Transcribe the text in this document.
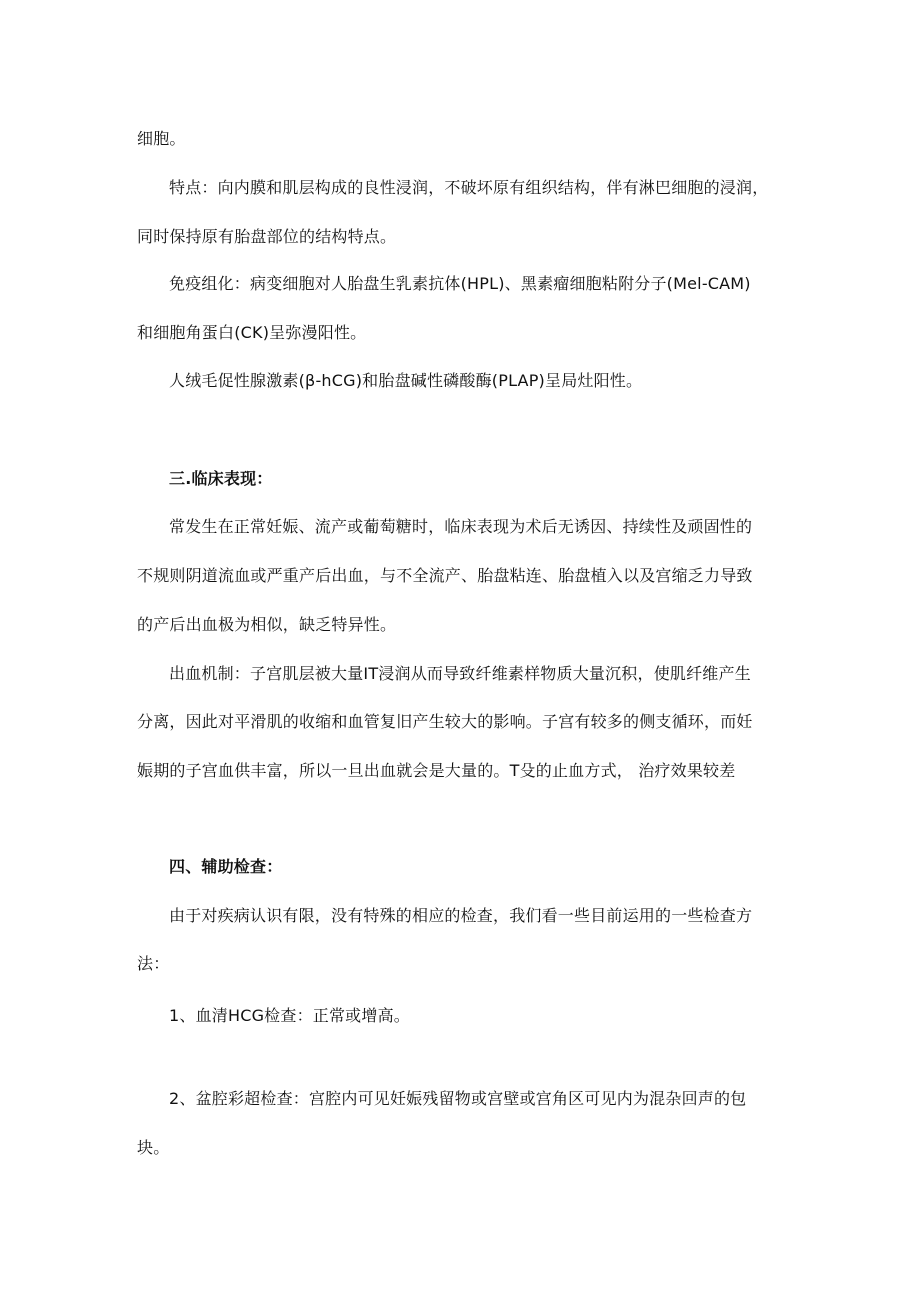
细胞。
特点：向内膜和肌层构成的良性浸润，不破坏原有组织结构，伴有淋巴细胞的浸润，
同时保持原有胎盘部位的结构特点。
免疫组化：病变细胞对人胎盘生乳素抗体(HPL)、黑素瘤细胞粘附分子(Mel-CAM)
和细胞角蛋白(CK)呈弥漫阳性。
人绒毛促性腺激素(β-hCG)和胎盘碱性磷酸酶(PLAP)呈局灶阳性。
三.临床表现：
常发生在正常妊娠、流产或葡萄糖时，临床表现为术后无诱因、持续性及顽固性的
不规则阴道流血或严重产后出血，与不全流产、胎盘粘连、胎盘植入以及宫缩乏力导致
的产后出血极为相似，缺乏特异性。
出血机制：子宫肌层被大量IT浸润从而导致纤维素样物质大量沉积，使肌纤维产生
分离，因此对平滑肌的收缩和血管复旧产生较大的影响。子宫有较多的侧支循环，而妊
娠期的子宫血供丰富，所以一旦出血就会是大量的。T殳的止血方式， 治疗效果较差
四、辅助检查：
由于对疾病认识有限，没有特殊的相应的检查，我们看一些目前运用的一些检查方
法：
1、血清HCG检查：正常或增高。
2、盆腔彩超检查：宫腔内可见妊娠残留物或宫壁或宫角区可见内为混杂回声的包
块。
